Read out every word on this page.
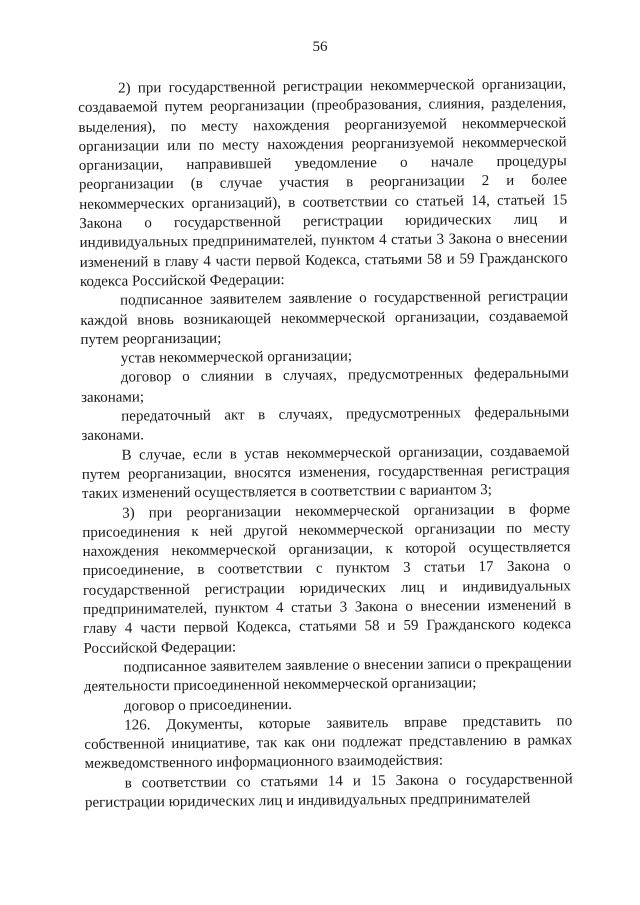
56

2) при государственной регистрации некоммерческой организации, создаваемой путем реорганизации (преобразования, слияния, разделения, выделения), по месту нахождения реорганизуемой некоммерческой организации или по месту нахождения реорганизуемой некоммерческой организации, направившей уведомление о начале процедуры реорганизации (в случае участия в реорганизации 2 и более некоммерческих организаций), в соответствии со статьей 14, статьей 15 Закона о государственной регистрации юридических лиц и индивидуальных предпринимателей, пунктом 4 статьи 3 Закона о внесении изменений в главу 4 части первой Кодекса, статьями 58 и 59 Гражданского кодекса Российской Федерации:

подписанное заявителем заявление о государственной регистрации каждой вновь возникающей некоммерческой организации, создаваемой путем реорганизации;

устав некоммерческой организации;

договор о слиянии в случаях, предусмотренных федеральными законами;

передаточный акт в случаях, предусмотренных федеральными законами.

В случае, если в устав некоммерческой организации, создаваемой путем реорганизации, вносятся изменения, государственная регистрация таких изменений осуществляется в соответствии с вариантом 3;

3) при реорганизации некоммерческой организации в форме присоединения к ней другой некоммерческой организации по месту нахождения некоммерческой организации, к которой осуществляется присоединение, в соответствии с пунктом 3 статьи 17 Закона о государственной регистрации юридических лиц и индивидуальных предпринимателей, пунктом 4 статьи 3 Закона о внесении изменений в главу 4 части первой Кодекса, статьями 58 и 59 Гражданского кодекса Российской Федерации:

подписанное заявителем заявление о внесении записи о прекращении деятельности присоединенной некоммерческой организации;

договор о присоединении.

126. Документы, которые заявитель вправе представить по собственной инициативе, так как они подлежат представлению в рамках межведомственного информационного взаимодействия:

в соответствии со статьями 14 и 15 Закона о государственной регистрации юридических лиц и индивидуальных предпринимателей
